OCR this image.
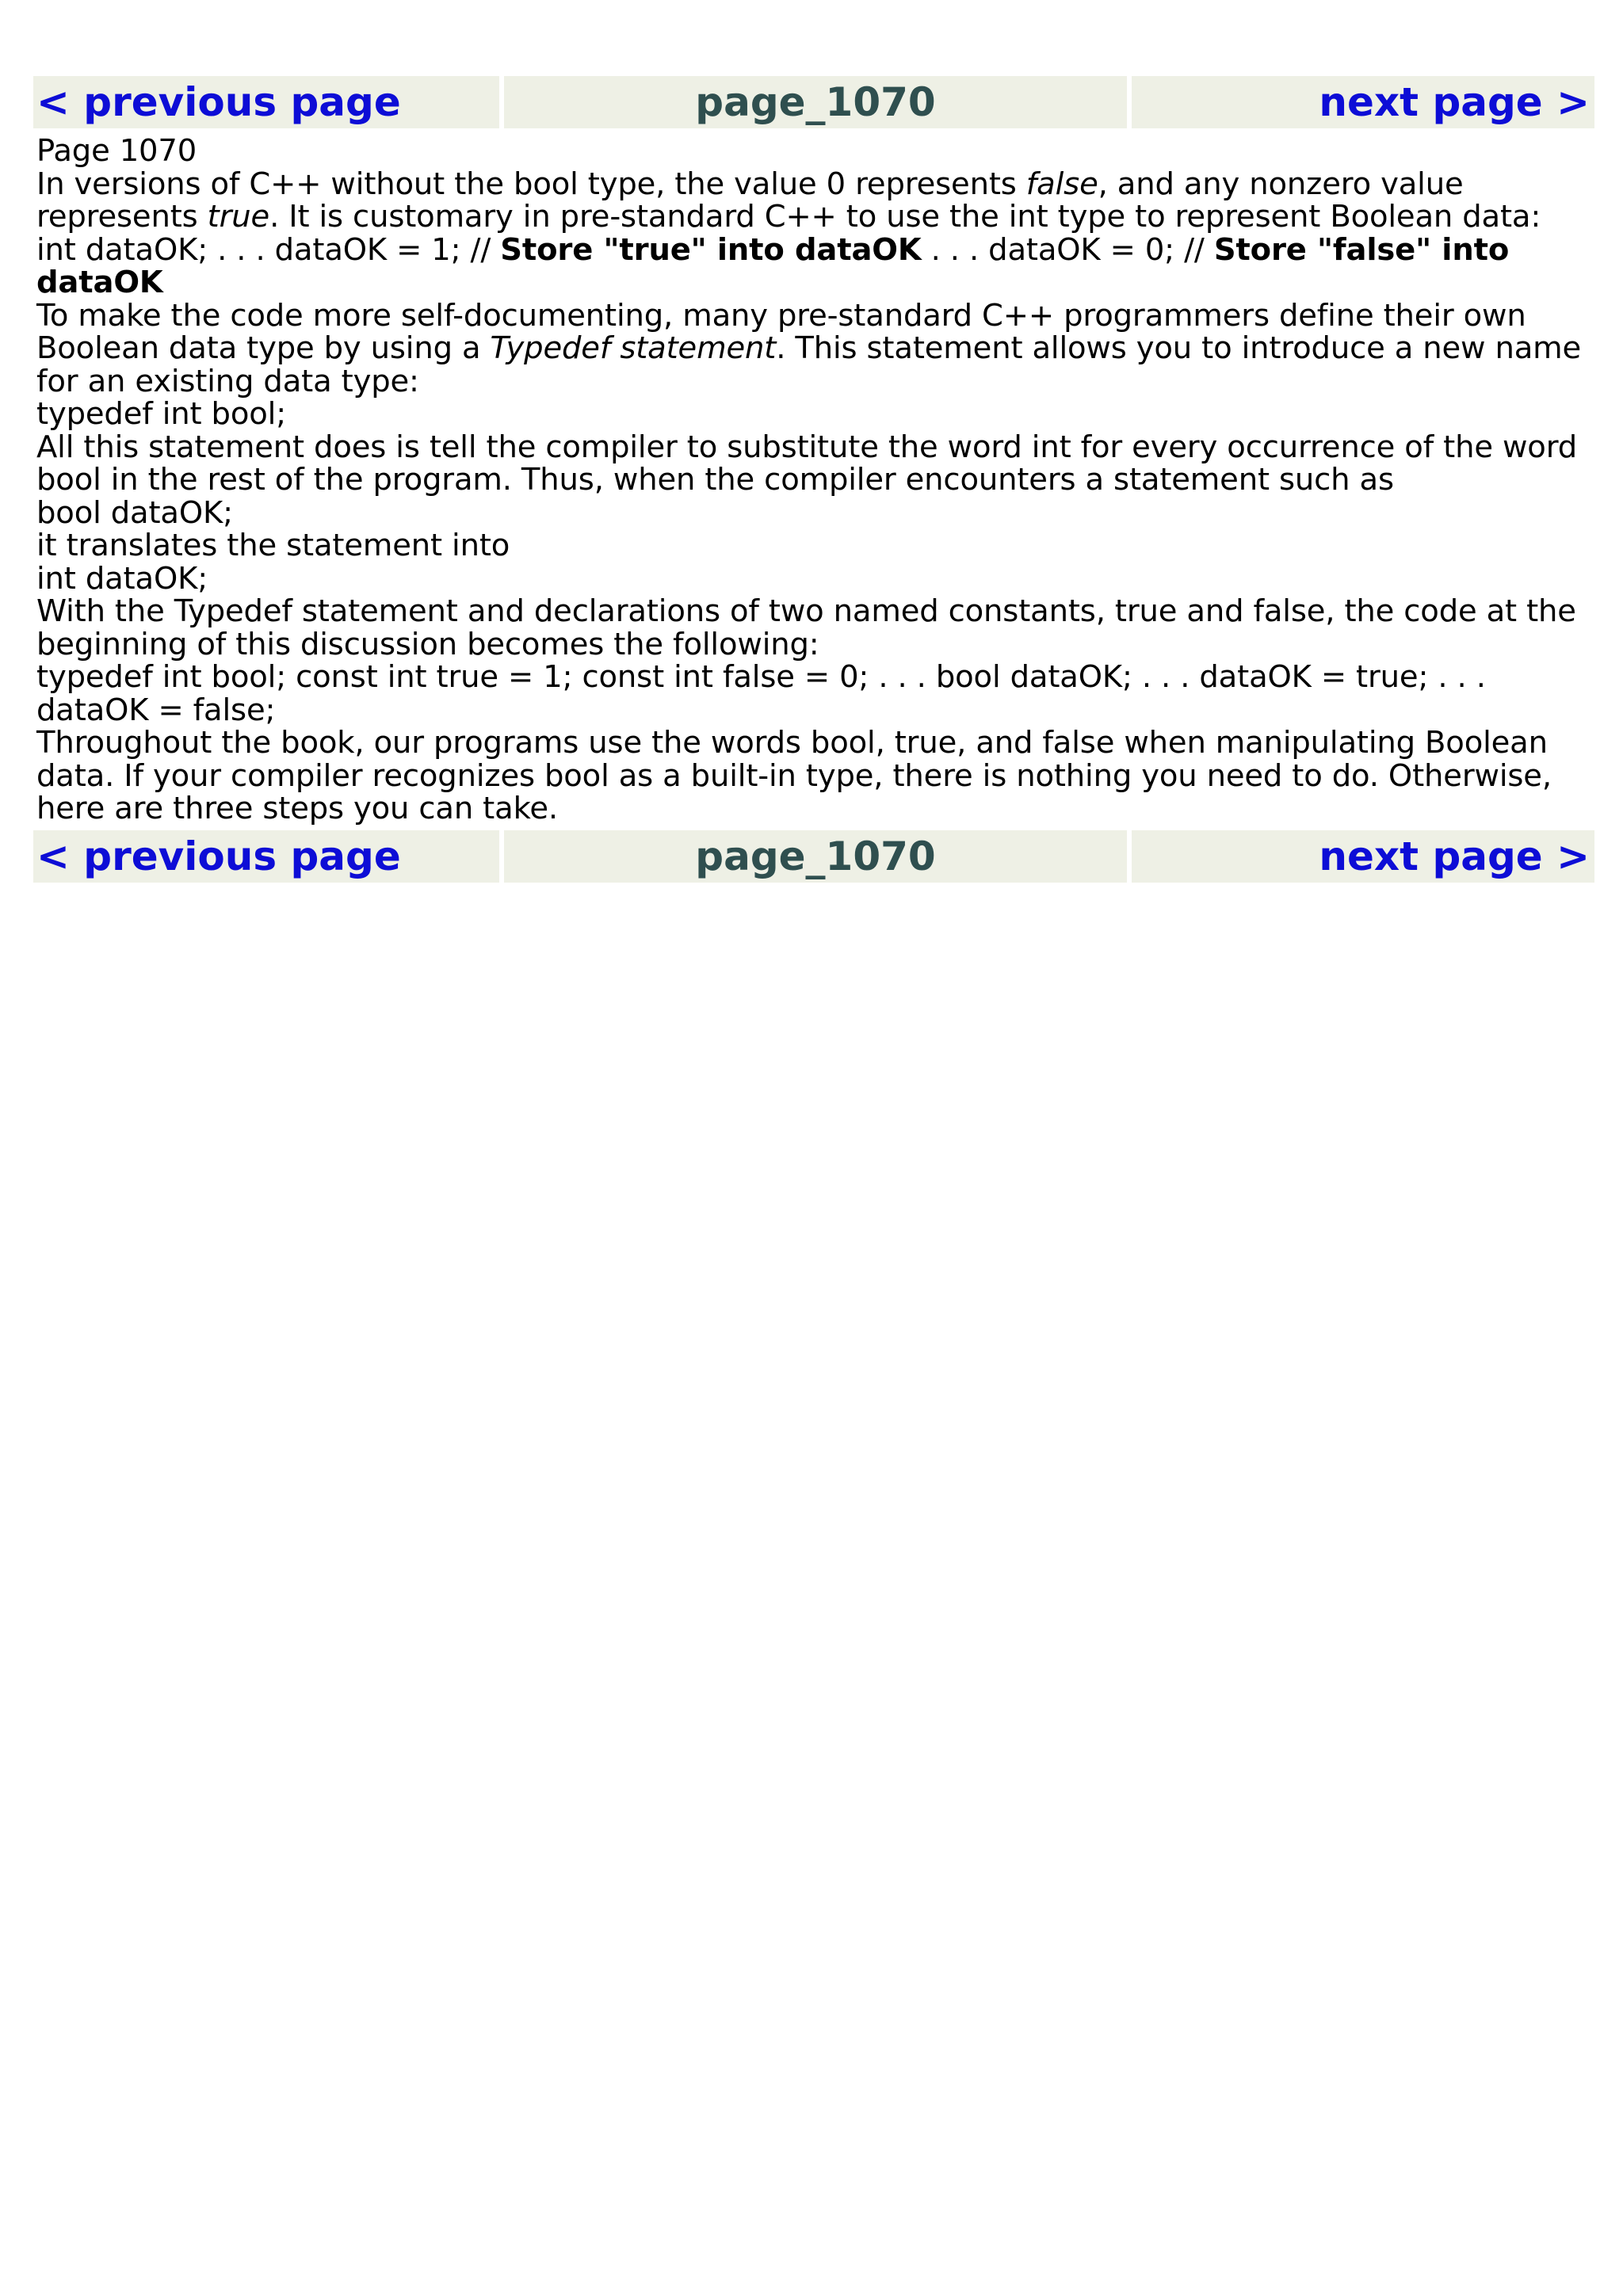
< previous page	page_1070	next page >

Page 1070

In versions of C++ without the bool type, the value 0 represents false, and any nonzero value represents true. It is customary in pre-standard C++ to use the int type to represent Boolean data:

int dataOK; . . . dataOK = 1; // Store "true" into dataOK . . . dataOK = 0; // Store "false" into dataOK

To make the code more self-documenting, many pre-standard C++ programmers define their own Boolean data type by using a Typedef statement. This statement allows you to introduce a new name for an existing data type:

typedef int bool;

All this statement does is tell the compiler to substitute the word int for every occurrence of the word bool in the rest of the program. Thus, when the compiler encounters a statement such as

bool dataOK;

it translates the statement into

int dataOK;

With the Typedef statement and declarations of two named constants, true and false, the code at the beginning of this discussion becomes the following:

typedef int bool; const int true = 1; const int false = 0; . . . bool dataOK; . . . dataOK = true; . . . dataOK = false;

Throughout the book, our programs use the words bool, true, and false when manipulating Boolean data. If your compiler recognizes bool as a built-in type, there is nothing you need to do. Otherwise, here are three steps you can take.

< previous page	page_1070	next page >
